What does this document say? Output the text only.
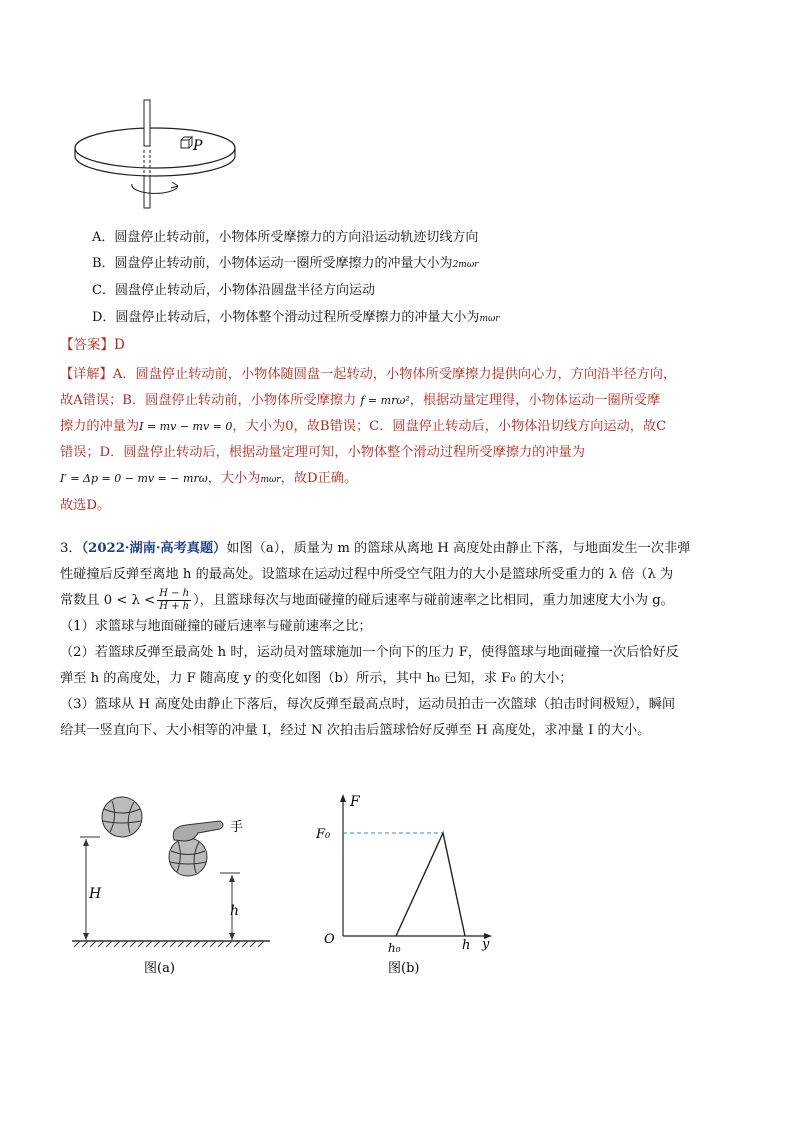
P
A．圆盘停止转动前，小物体所受摩擦力的方向沿运动轨迹切线方向
B．圆盘停止转动前，小物体运动一圈所受摩擦力的冲量大小为2mωr
C．圆盘停止转动后，小物体沿圆盘半径方向运动
D．圆盘停止转动后，小物体整个滑动过程所受摩擦力的冲量大小为mωr
【答案】D
【详解】A．圆盘停止转动前，小物体随圆盘一起转动，小物体所受摩擦力提供向心力，方向沿半径方向，
故A错误；B．圆盘停止转动前，小物体所受摩擦力 f = mrω²，根据动量定理得，小物体运动一圈所受摩
擦力的冲量为I = mv − mv = 0，大小为0，故B错误；C．圆盘停止转动后，小物体沿切线方向运动，故C
错误；D．圆盘停止转动后，根据动量定理可知，小物体整个滑动过程所受摩擦力的冲量为
I′ = Δp = 0 − mv = − mrω，大小为mωr，故D正确。
故选D。
3．（2022·湖南·高考真题）如图（a），质量为 m 的篮球从离地 H 高度处由静止下落，与地面发生一次非弹
性碰撞后反弹至离地 h 的最高处。设篮球在运动过程中所受空气阻力的大小是篮球所受重力的 λ 倍（λ 为
常数且 $0 < \lambda < \frac{H - h}{H + h}$ ），且篮球每次与地面碰撞的碰后速率与碰前速率之比相同，重力加速度大小为 g。
（1）求篮球与地面碰撞的碰后速率与碰前速率之比；
（2）若篮球反弹至最高处 h 时，运动员对篮球施加一个向下的压力 F，使得篮球与地面碰撞一次后恰好反
弹至 h 的高度处，力 F 随高度 y 的变化如图（b）所示，其中 h₀ 已知，求 F₀ 的大小；
（3）篮球从 H 高度处由静止下落后，每次反弹至最高点时，运动员拍击一次篮球（拍击时间极短），瞬间
给其一竖直向下、大小相等的冲量 I，经过 N 次拍击后篮球恰好反弹至 H 高度处，求冲量 I 的大小。
手
H
h
图(a)
F
F₀
O
h₀	h y
图(b)
